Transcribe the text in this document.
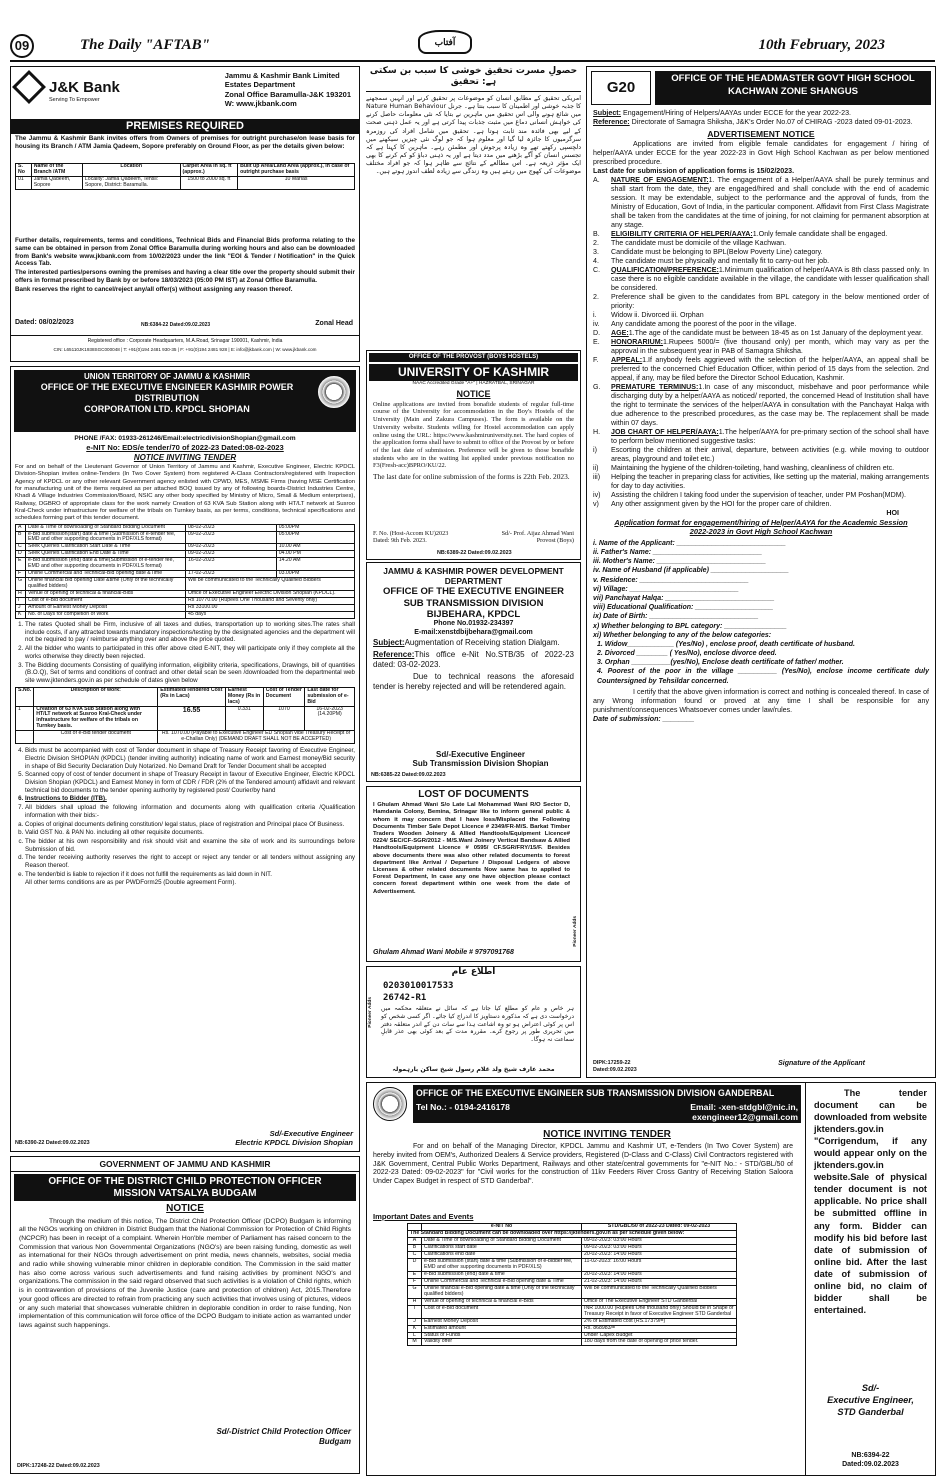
09	The Daily "AFTAB"	آفتاب	10th February, 2023
J&K Bank
Serving To Empower
Jammu & Kashmir Bank Limited
Estates Department
Zonal Office Baramulla-J&K 193201
W: www.jkbank.com
PREMISES REQUIRED
The Jammu & Kashmir Bank invites offers from Owners of premises for outright purchase/on lease basis for housing its Branch / ATM Jamia Qadeem, Sopore preferably on Ground Floor, as per the details given below:
S. No	Name of the Branch /ATM	Location	Carpet Area in sq. ft (approx.)	Built up Area/Land Area (approx.), in case of outright purchase basis
01	Jamia Qadeem, Sopore	Locality: Jamia Qadeem, Tehsil: Sopore, District: Baramulla.	1500 to 2000 sq. ft	10 Marlas
Further details, requirements, terms and conditions, Technical Bids and Financial Bids proforma relating to the same can be obtained in person from Zonal Office Baramulla during working hours and also can be downloaded from Bank's website www.jkbank.com from 10/02/2023 under the link "EOI & Tender / Notification" in the Quick Access Tab.
The interested parties/persons owning the premises and having a clear title over the property should submit their offers in format prescribed by Bank by or before 18/03/2023 (05:00 PM IST) at Zonal Office Baramulla.
Bank reserves the right to cancel/reject any/all offer(s) without assigning any reason thereof.
Dated: 08/02/2023	NB:6384-22 Dated:09.02.2023	Zonal Head
Registered office : Corporate Headquarters, M.A.Road, Srinagar 190001, Kashmir, India
CIN: L65110JK1938SGC000048 | T: +91(0)194 2481 930-35 | F: +91(0)194 2481 928 | E: info@jkbank.com | W: www.jkbank.com
UNION TERRITORY OF JAMMU & KASHMIR
OFFICE OF THE EXECUTIVE ENGINEER KASHMIR POWER DISTRIBUTION
CORPORATION LTD. KPDCL SHOPIAN
PHONE /FAX: 01933-261246/Email:electricdivisionShopian@gmail.com
e-NIT No: EDS/e tender/70 of 2022-23 Dated:08-02-2023
NOTICE INVITING TENDER
For and on behalf of the Lieutenant Governor of Union Territory of Jammu and Kashmir, Executive Engineer, Electric KPDCL Division-Shopian invites online-Tenders (In Two Cover System) from registered A-Class Contractors/registered with Inspection Agency of KPDCL or any other relevant Government agency enlisted with CPWD, MES, MSME Firms (having MSE Certification for manufacturing unit of the items required as per attached BOQ issued by any of following boards-District Industries Centre, Khadi & Village Industries Commission/Board, NSIC any other body specified by Ministry of Micro, Small & Medium enterprises), Railway, DGBRO of appropriate class for the work namely Creation of 63 KVA Sub Station along with HT/LT network at Susroo Kral-Check under infrastructure for welfare of the tribals on Turnkey basis, as per terms, conditions, technical specifications and schedules forming part of this tender document.
A	Date & Time of downloading of Standard Bidding Document	08-02-2023	05:00PM
B	e-Bid submission(start) date & time (Submission of e-tender fee, EMD and other supporting documents in PDF/XLS format)	09-02-2023	05:00PM
C	Seek Queries Clarification Start Date & Time	09-02-2023	10.00 AM
D	Seek Queries Clarification End Date & Time	09-02-2023	04.00 PM
E	e-Bid submission (end) date & time(Submission of e-tender fee, EMD and other supporting documents in PDF/XLS format)	16-02-2023	14.20 AM
F	Online Commercial and Technical-Bid opening date &Time	17-02-2023	03.00PM
G	Online financial Bid opening Date &time (Only of the technically qualified bidders)	Will be communicated to the Technically Qualified Bidders	
H	Venue of opening of technical & financial-Bids	Office of Executive Engineer Electric Division Shopian (KPDCL).	
I	Cost of e-Bid document	Rs 10770.00 (Rupees One Thousand and Seventy only)	
J	Amount of Earnest Money Deposit	Rs 33100.00	
K	No. of Days for completion of Work	45 days	
1. The rates Quoted shall be Firm, inclusive of all taxes and duties, transportation up to working sites.The rates shall include costs, if any attracted towards mandatory inspections/testing by the designated agencies and the department will not be required to pay / reimburse anything over and above the price quoted.
2. All the bidder who wants to participated in this offer above cited E-NIT, they will participate only if they complete all the works otherwise they directly been rejected.
3. The Bidding documents Consisting of qualifying information, eligibility criteria, specifications, Drawings, bill of quantities (B.O.Q), Set of terms and conditions of contract and other detail scan be seen /downloaded from the departmental web site www.jktenders.gov.in as per schedule of dates given below
S.No.	Description of work:	Estimated/Tendered Cost (Rs in Lacs)	Earnest Money (Rs in lacs)	Cost of Tender Document	Last date for submission of e-Bid
1	Creation of 63 KVA Sub Station along with HT/LT network at Susroo Kral-Check under infrastructure for welfare of the tribals on Turnkey basis.	16.55	0.331	1070	16-02-2023 (14.20PM)
	Cost of e-Bid tender document	Rs. 1070.00 (Payable to Executive Engineer ED Shopian vide Treasury Receipt or e-Challan Only) (DEMAND DRAFT SHALL NOT BE ACCEPTED)			
4. Bids must be accompanied with cost of Tender document in shape of Treasury Receipt favoring of Executive Engineer, Electric Division SHOPIAN (KPDCL) (tender inviting authority) indicating name of work and Earnest money/Bid security in shape of Bid Security Declaration Duly Notarized. No Demand Draft for Tender Document shall be accepted
5. Scanned copy of cost of tender document in shape of Treasury Receipt in favour of Executive Engineer, Electric KPDCL Division Shopian (KPDCL) and Earnest Money in form of CDR / FDR (2% of the Tendered amount) affidavit and relevant technical bid documents to the tender opening authority by registered post/ Courier/by hand
6. Instructions to Bidder (ITB).
7. All bidders shall upload the following information and documents along with qualification criteria /Qualification information with their bids:-
a. Copies of original documents defining constitution/ legal status, place of registration and Principal place Of Business.
b. Valid GST No. & PAN No. including all other requisite documents.
c. The bidder at his own responsibility and risk should visit and examine the site of work and its surroundings before Submission of bid.
d. The tender receiving authority reserves the right to accept or reject any tender or all tenders without assigning any Reason thereof.
e. The tender/bid is liable to rejection if it does not fulfill the requirements as laid down in NIT.
All other terms conditions are as per PWDForm25 (Double agreement Form).
NB:6390-22 Dated:09.02.2023
Sd/-Executive Engineer
Electric KPDCL Division Shopian
GOVERNMENT OF JAMMU AND KASHMIR
OFFICE OF THE DISTRICT CHILD PROTECTION OFFICER
MISSION VATSALYA BUDGAM
NOTICE
Through the medium of this notice, The District Child Protection Officer (DCPO) Budgam is informing all the NGOs working on children in District Budgam that the National Commission for Protection of Child Rights (NCPCR) has been in receipt of a complaint. Wherein Hon'ble member of Parliament has raised concern to the Commission that various Non Governmental Organizations (NGO's) are been raising funding, domestic as well as international for their NGOs through advertisement on print media, news channels, websites, social media and radio while showing vulnerable minor children in deplorable condition. The Commission in the said matter has also come across various such advertisements and fund raising activities by prominent NGO's and organizations.The commission in the said regard observed that such activities is a violation of Child rights, which is in contravention of provisions of the Juvenile Justice (care and protection of children) Act, 2015.Therefore your good offices are directed to refrain from practicing any such activities that involves using of pictures, videos or any such material that showcases vulnerable children in deplorable condition in order to raise funding, Non implementation of this communication will force office of the DCPO Budgam to initiate action as warranted under laws against such happenings.
Sd/-District Child Protection Officer
Budgam
DIPK:17248-22 Dated:09.02.2023
حصولِ مسرت تحقیق خوشی کا سبب بن سکتی ہے: تحقیق
امریکی تحقیق کے مطابق انسان کو موضوعات پر تحقیق کرنے اور انہیں سمجھنے کا جذبہ خوشی اور اطمینان کا سبب بنتا ہے۔ جرنل Nature Human Behaviour میں شائع ہونے والی اس تحقیق میں ماہرین نے بتایا کہ نئی معلومات حاصل کرنے کی خواہش انسانی دماغ میں مثبت جذبات پیدا کرتی ہے اور یہ عمل ذہنی صحت کے لیے بھی فائدہ مند ثابت ہوتا ہے۔ تحقیق میں شامل افراد کی روزمرہ سرگرمیوں کا جائزہ لیا گیا اور معلوم ہوا کہ جو لوگ نئی چیزیں سیکھنے میں دلچسپی رکھتے تھے وہ زیادہ پرجوش اور مطمئن رہے۔ ماہرین کا کہنا ہے کہ تجسس انسان کو آگے بڑھنے میں مدد دیتا ہے اور یہ ذہنی دباؤ کو کم کرنے کا بھی ایک مؤثر ذریعہ ہے۔ اس مطالعے کے نتائج سے ظاہر ہوا کہ جو افراد مختلف موضوعات کی کھوج میں رہتے ہیں وہ زندگی سے زیادہ لطف اندوز ہوتے ہیں۔
OFFICE OF THE PROVOST (BOYS HOSTELS)
UNIVERSITY OF KASHMIR
NAAC Accredited Grade "A+" | HAZRATBAL, SRINAGAR
NOTICE
Online applications are invited from bonafide students of regular full-time course of the University for accommodation in the Boy's Hostels of the University (Main and Zakura Campuses). The form is available on the University website. Students willing for Hostel accommodation can apply online using the URL: https://www.kashmiruniversity.net. The hard copies of the application forms shall have to submit to office of the Provost by or before of the last date of submission. Preference will be given to those bonafide students who are in the waiting list applied under previous notification no F3(Fresh-acc)BPRO/KU/22.
The last date for online submission of the forms is 22th Feb. 2023.
F. No. (Host-Accom KU)2023
Dated: 9th Feb. 2023.
Sd/- Prof. Aijaz Ahmad Wani
Provost (Boys)
NB:6389-22 Dated:09.02.2023
JAMMU & KASHMIR POWER DEVELOPMENT DEPARTMENT
OFFICE OF THE EXECUTIVE ENGINEER
SUB TRANSMISSION DIVISION
BIJBEHARA, KPDCL
Phone No.01932-234397
E-mail:xenstdbijbehara@gmail.com
Subject:Augmentation of Receiving station Dialgam.
Reference:This office e-Nit No.STB/35 of 2022-23 dated: 03-02-2023.
Due to technical reasons the aforesaid tender is hereby rejected and will be retendered again.
Sd/-Executive Engineer
Sub Transmission Division Shopian
NB:6385-22 Dated:09.02.2023
LOST OF DOCUMENTS
I Ghulam Ahmad Wani S/o Late Lal Mohammad Wani R/O Sector D, Hamdania Colony, Bemina, Srinagar like to inform general public & whom it may concern that I have loss/Misplaced the Following Documents Timber Sale Depot Licence # 2349/FR-M/S. Barkat Timber Traders Wooden Joinery & Allied Handtools/Equipment Licence# 0224/ SEC/CF-SGR/2012 - M/S.Wani Joinery Vertical Bandsaw & Allied Handtools/Equipment Licence # 0595/ CF.SGR/FRY/15/F. Besides above documents there was also other related documents to forest department like Arrival / Departure / Disposal Ledgers of above Licenses & other related documents Now same has to applied to Forest Department, In case any one have objection please contact concern forest department within one week from the date of Advertisement.
Ghulam Ahmad Wani Mobile # 9797091768
Pioneer Adds
اطلاع عام
0203010017533
26742-R1
ہر خاص و عام کو مطلع کیا جاتا ہے کہ سائل نے متعلقہ محکمہ میں درخواست دی ہے کہ مذکورہ دستاویز کا اندراج کیا جائے۔ اگر کسی شخص کو اس پر کوئی اعتراض ہو تو وہ اشاعت ہذا سے سات دن کے اندر متعلقہ دفتر میں تحریری طور پر رجوع کرے۔ مقررہ مدت کے بعد کوئی بھی عذر قابلِ سماعت نہ ہوگا۔
محمد عارف شیخ ولد غلام رسول شیخ ساکن بارہمولہ
Pioneer Adds
G20
OFFICE OF THE HEADMASTER GOVT HIGH SCHOOL
KACHWAN ZONE SHANGUS
Subject: Engagement/Hiring of Helpers/AAYAs under ECCE for the year 2022-23.
Reference: Directorate of Samagra Shiksha, J&K's Order No.07 of CHIRAG -2023 dated 09-01-2023.
ADVERTISEMENT NOTICE
Applications are invited from eligible female candidates for engagement / hiring of helper/AAYA under ECCE for the year 2022-23 in Govt High School Kachwan as per below mentioned prescribed procedure.
Last date for submission of application forms is 15/02/2023.
A.	NATURE OF ENGAGEMENT:1. The engagement of a Helper/AAYA shall be purely terminus and shall start from the date, they are engaged/hired and shall conclude with the end of academic session. It may be extendable, subject to the performance and the approval of funds, from the Ministry of Education, Govt of India, in the particular component. Affidavit from First Class Magistrate shall be taken from the candidates at the time of joining, for not claiming for permanent absorption at any stage.
B.	ELIGIBILITY CRITERIA OF HELPER/AAYA:1.Only female candidate shall be engaged.
2.	The candidate must be domicile of the village Kachwan.
3.	Candidate must be belonging to BPL(Below Poverty Line) category.
4.	The candidate must be physically and mentally fit to carry-out her job.
C.	QUALIFICATION/PREFERENCE:1.Minimum qualification of helper/AAYA is 8th class passed only. In case there is no eligible candidate available in the village, the candidate with lesser qualification shall be considered.
2.	Preference shall be given to the candidates from BPL category in the below mentioned order of priority:
i.	Widow ii. Divorced iii. Orphan
iv.	Any candidate among the poorest of the poor in the village.
D.	AGE:1.The age of the candidate must be between 18-45 as on 1st January of the deployment year.
E.	HONORARIUM:1.Rupees 5000/= (five thousand only) per month, which may vary as per the approval in the subsequent year in PAB of Samagra Shiksha.
F.	APPEAL:1.If anybody feels aggrieved with the selection of the helper/AAYA, an appeal shall be preferred to the concerned Chief Education Officer, within period of 15 days from the selection. 2nd appeal, if any, may be filed before the Director School Education, Kashmir.
G.	PREMATURE TERMINUS:1.In case of any misconduct, misbehave and poor performance while discharging duty by a helper/AAYA as noticed/ reported, the concerned Head of Institution shall have the right to terminate the services of the helper/AAYA in consultation with the Panchayat Halqa with due adherence to the prescribed procedures, as the case may be. The replacement shall be made within 07 days.
H.	JOB CHART OF HELPER/AAYA:1.The helper/AAYA for pre-primary section of the school shall have to perform below mentioned suggestive tasks:
i)	Escorting the children at their arrival, departure, between activities (e.g. while moving to outdoor areas, playground and toilet etc.)
ii)	Maintaining the hygiene of the children-toileting, hand washing, cleanliness of children etc.
iii)	Helping the teacher in preparing class for activities, like setting up the material, making arrangements for day to day activities.
iv)	Assisting the children I taking food under the supervision of teacher, under PM Poshan(MDM).
v)	Any other assignment given by the HOI for the proper care of children.
HOI
Application format for engagement/hiring of Helper/AAYA for the Academic Session 2022-2023 in Govt High School Kachwan
i. Name of the Applicant: ____________________________
ii. Father's Name: ____________________________
iii. Mother's Name: ____________________________
iv. Name of Husband (if applicable) ____________________
v. Residence: ____________________________
vi) Village: ____________________________
vii) Panchayat Halqa: ____________________________
viii) Educational Qualification: ____________________
ix) Date of Birth: ____________________________
x) Whether belonging to BPL category: ________________
xi) Whether belonging to any of the below categories:
1. Widow____________ (Yes/No) , enclose proof, death certificate of husband.
2. Divorced ________ ( Yes/No), enclose divorce deed.
3. Orphan __________(yes/No), Enclose death certificate of father/ mother.
4. Poorest of the poor in the village __________ (Yes/No), enclose income certificate duly Countersigned by Tehsildar concerned.
I certify that the above given information is correct and nothing is concealed thereof. In case of any Wrong information found or proved at any time I shall be responsible for any punishment/consequences Whatsoever comes under law/rules.
Date of submission: ________
DIPK:17259-22
Dated:09.02.2023
Signature of the Applicant
OFFICE OF THE EXECUTIVE ENGINEER SUB TRANSMISSION DIVISION GANDERBAL
Tel No.: - 0194-2416178	Email: -xen-stdgbl@nic.in,
exengineer12@gmail.com
NOTICE INVITING TENDER
For and on behalf of the Managing Director, KPDCL Jammu and Kashmir UT, e-Tenders (In Two Cover System) are hereby invited from OEM's, Authorized Dealers & Service providers, Registered (D-Class and C-Class) Civil Contractors registered with J&K Government, Central Public Works Department, Railways and other state/central governments for "e-NIT No.: - STD/GBL/50 of 2022-23 Dated: 09-02-2023" for "Civil works for the construction of 11kv Feeders River Cross Gantry of Receiving Station Saloora Under Capex Budget in respect of STD Ganderbal".
Important Dates and Events
	e-NIT No	STD/GBL/50 of 2022-23 Dated: 09-02-2023
The Standard Bidding Document can be downloaded over https://jktenders.gov.in as per schedule given below:		
A	Date & Time of downloading of Standard Bidding Document	09-02-2023: 03:00 Hours
B	Clarifications start date	09-02-2023: 03:00 Hours
C	Clarifications end date	20-02-2023: 14:00 Hours
D	e-Bid submission (start) date & time (Submission of e-bidder fee, EMD and other supporting documents in PDF/XLS)	11-02-2023: 16:00 Hours
E	e-Bid submission (end) date & time	20-02-2023: 14:00 Hours
F	Online Commercial and Technical e-Bid opening date & Time	21-02-2023: 14:00 Hours
G	Online financial e-Bid opening date & time (Only of the technically qualified bidders)	Will be communicated to the Technically Qualified Bidders
H	Venue of opening of technical & financial e-Bids	Office of The Executive Engineer STD Ganderbal
I	Cost of e-Bid document	INR 1000.00 (Rupees One thousand only) Should be in Shape of Treasury Receipt in favor of Executive Engineer STD Ganderbal
J	Earnest Money Deposit	2% of Estimated cost (RS.17379/=)
K	Estimated amount	Rs. 868983/=
L	Status of Funds	Under Capex Budget
M	Validity offer	180 days from the date of opening of price tender.
The tender document can be downloaded from website jktenders.gov.in "Corrigendum, if any would appear only on the jktenders.gov.in website.Sale of physical tender document is not applicable. No price shall be submitted offline in any form. Bidder can modify his bid before last date of submission of online bid. After the last date of submission of online bid, no claim of bidder shall be entertained.
Sd/-
Executive Engineer,
STD Ganderbal
NB:6394-22
Dated:09.02.2023
